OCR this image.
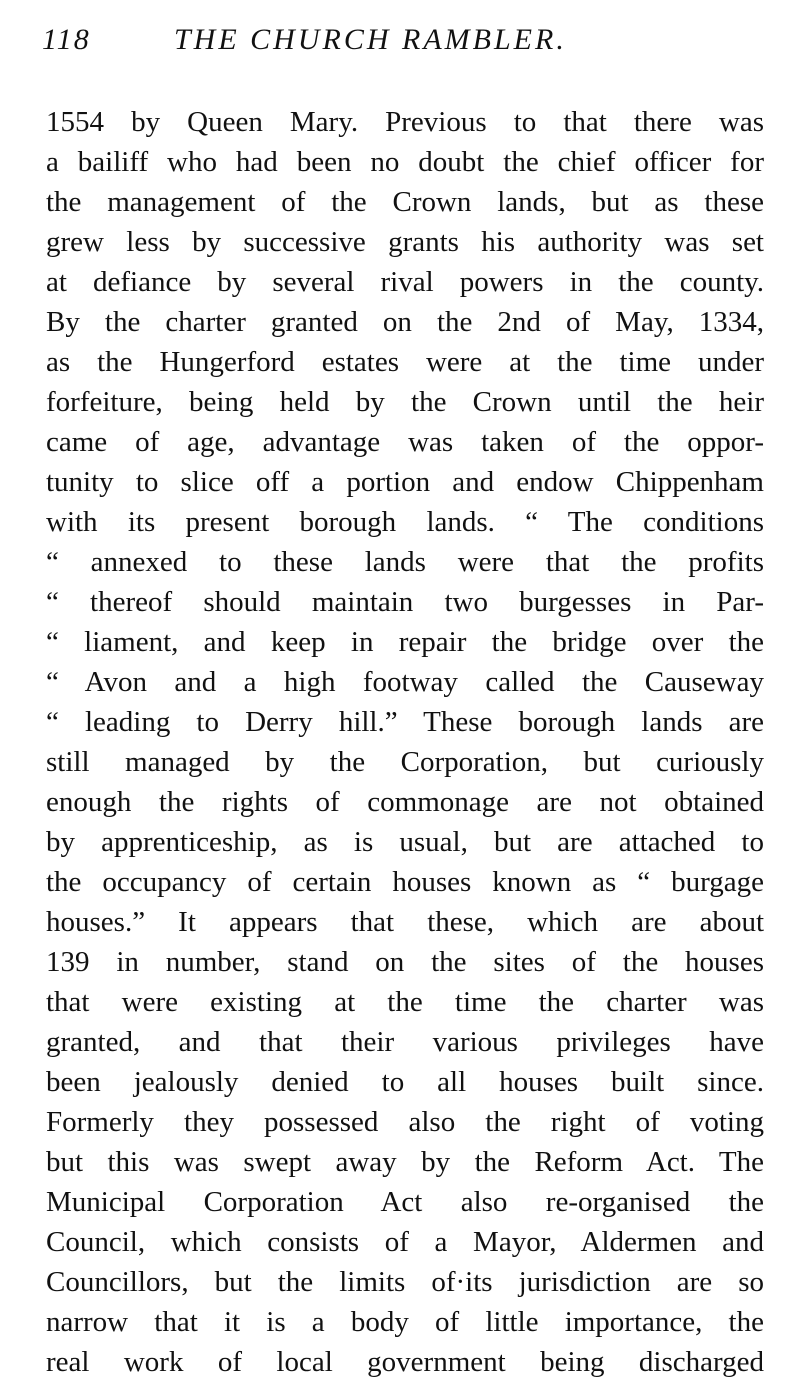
118	THE CHURCH RAMBLER.
1554 by Queen Mary. Previous to that there was
a bailiff who had been no doubt the chief officer for
the management of the Crown lands, but as these
grew less by successive grants his authority was set
at defiance by several rival powers in the county.
By the charter granted on the 2nd of May, 1334,
as the Hungerford estates were at the time under
forfeiture, being held by the Crown until the heir
came of age, advantage was taken of the oppor-
tunity to slice off a portion and endow Chippenham
with its present borough lands. “ The conditions
“ annexed to these lands were that the profits
“ thereof should maintain two burgesses in Par-
“ liament, and keep in repair the bridge over the
“ Avon and a high footway called the Causeway
“ leading to Derry hill.” These borough lands are
still managed by the Corporation, but curiously
enough the rights of commonage are not obtained
by apprenticeship, as is usual, but are attached to
the occupancy of certain houses known as “ burgage
houses.” It appears that these, which are about
139 in number, stand on the sites of the houses
that were existing at the time the charter was
granted, and that their various privileges have
been jealously denied to all houses built since.
Formerly they possessed also the right of voting
but this was swept away by the Reform Act. The
Municipal Corporation Act also re-organised the
Council, which consists of a Mayor, Aldermen and
Councillors, but the limits of·its jurisdiction are so
narrow that it is a body of little importance, the
real work of local government being discharged
